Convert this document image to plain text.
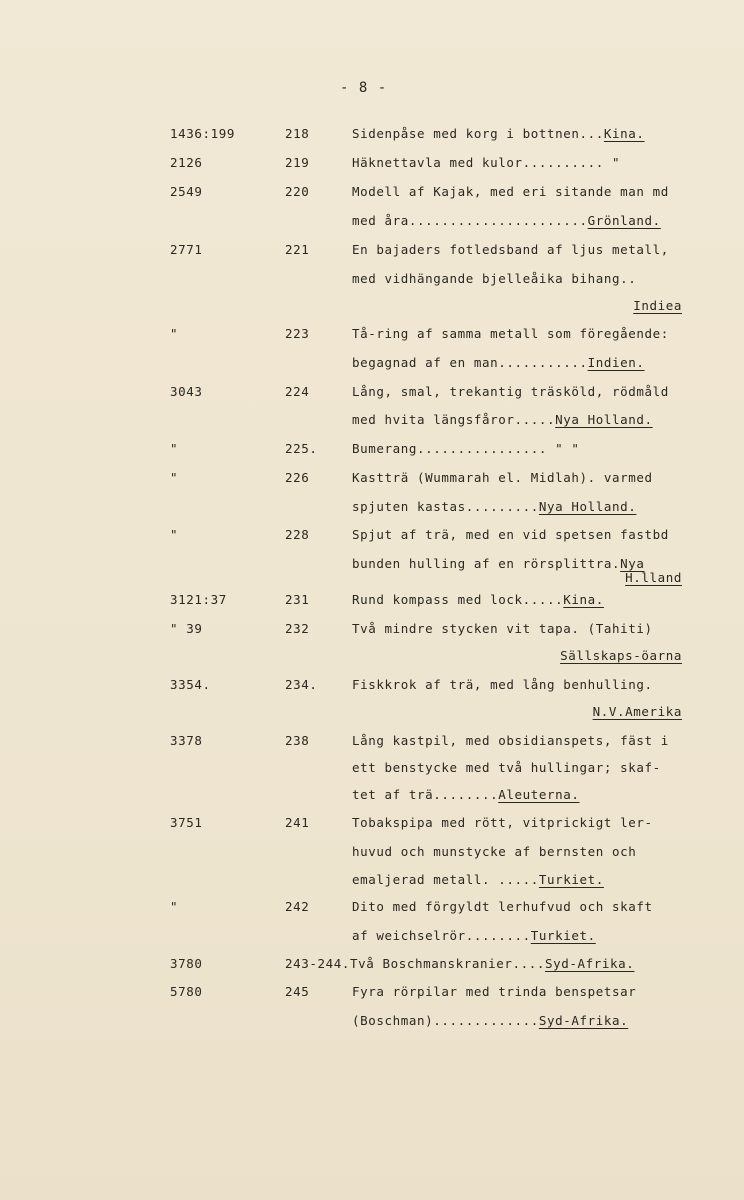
- 8 -
1436:199	218	Sidenpåse med korg i bottnen...Kina.
2126	219	Häknettavla med kulor.......... "
2549	220	Modell af Kajak, med eri sitande man md
med åra......................Grönland.
2771	221	En bajaders fotledsband af ljus metall,
med vidhängande bjelleåika bihang..
Indiea
"	223	Tå-ring af samma metall som föregående:
begagnad af en man...........Indien.
3043	224	Lång, smal, trekantig träsköld, rödmåld
med hvita längsfåror.....Nya Holland.
"	225.	Bumerang................ " "
"	226	Kastträ (Wummarah el. Midlah). varmed
spjuten kastas.........Nya Holland.
"	228	Spjut af trä, med en vid spetsen fastbd
bunden hulling af en rörsplittra.Nya
H.lland
3121:37	231	Rund kompass med lock.....Kina.
" 39	232	Två mindre stycken vit tapa. (Tahiti)
Sällskaps-öarna
3354.	234.	Fiskkrok af trä, med lång benhulling.
N.V.Amerika
3378	238	Lång kastpil, med obsidianspets, fäst i
ett benstycke med två hullingar; skaf-
tet af trä........Aleuterna.
3751	241	Tobakspipa med rött, vitprickigt ler-
huvud och munstycke af bernsten och
emaljerad metall. .....Turkiet.
"	242	Dito med förgyldt lerhufvud och skaft
af weichselrör........Turkiet.
3780	243-244. Två Boschmanskranier....Syd-Afrika.
5780	245	Fyra rörpilar med trinda benspetsar
(Boschman).............Syd-Afrika.
